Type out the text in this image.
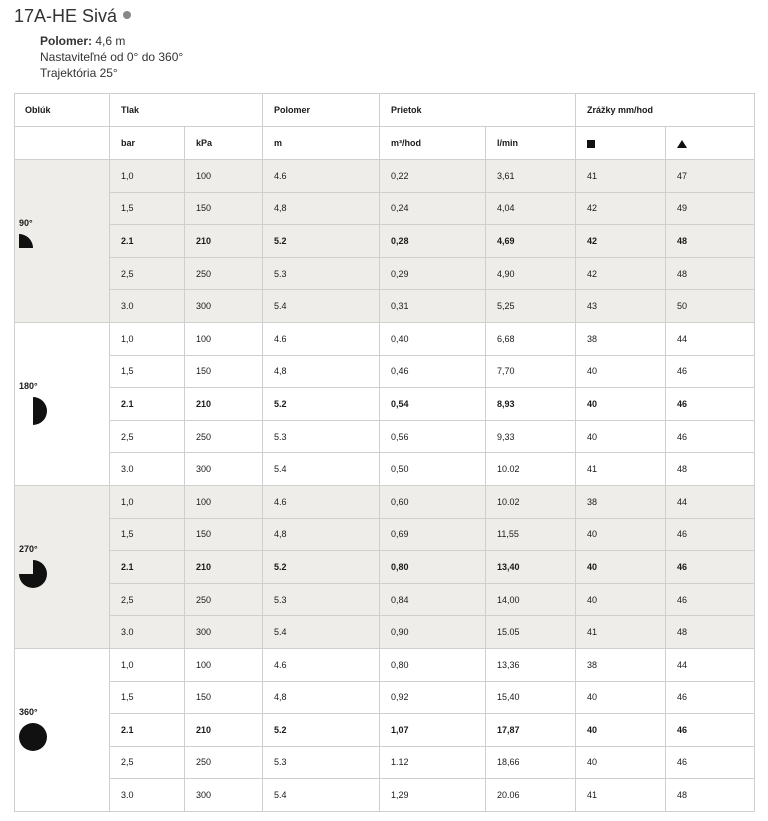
17A-HE Sivá
Polomer: 4,6 m
Nastaviteľné od 0° do 360°
Trajektória 25°
Oblúk	Tlak		Polomer	Prietok		Zrážky mm/hod	
	bar	kPa	m	m³/hod	l/min		

90°	1,0	100	4.6	0,22	3,61	41	47
	1,5	150	4,8	0,24	4,04	42	49
	2.1	210	5.2	0,28	4,69	42	48
	2,5	250	5.3	0,29	4,90	42	48
	3.0	300	5.4	0,31	5,25	43	50

180°	1,0	100	4.6	0,40	6,68	38	44
	1,5	150	4,8	0,46	7,70	40	46
	2.1	210	5.2	0,54	8,93	40	46
	2,5	250	5.3	0,56	9,33	40	46
	3.0	300	5.4	0,50	10.02	41	48

270°	1,0	100	4.6	0,60	10.02	38	44
	1,5	150	4,8	0,69	11,55	40	46
	2.1	210	5.2	0,80	13,40	40	46
	2,5	250	5.3	0,84	14,00	40	46
	3.0	300	5.4	0,90	15.05	41	48

360°	1,0	100	4.6	0,80	13,36	38	44
	1,5	150	4,8	0,92	15,40	40	46
	2.1	210	5.2	1,07	17,87	40	46
	2,5	250	5.3	1.12	18,66	40	46
	3.0	300	5.4	1,29	20.06	41	48
